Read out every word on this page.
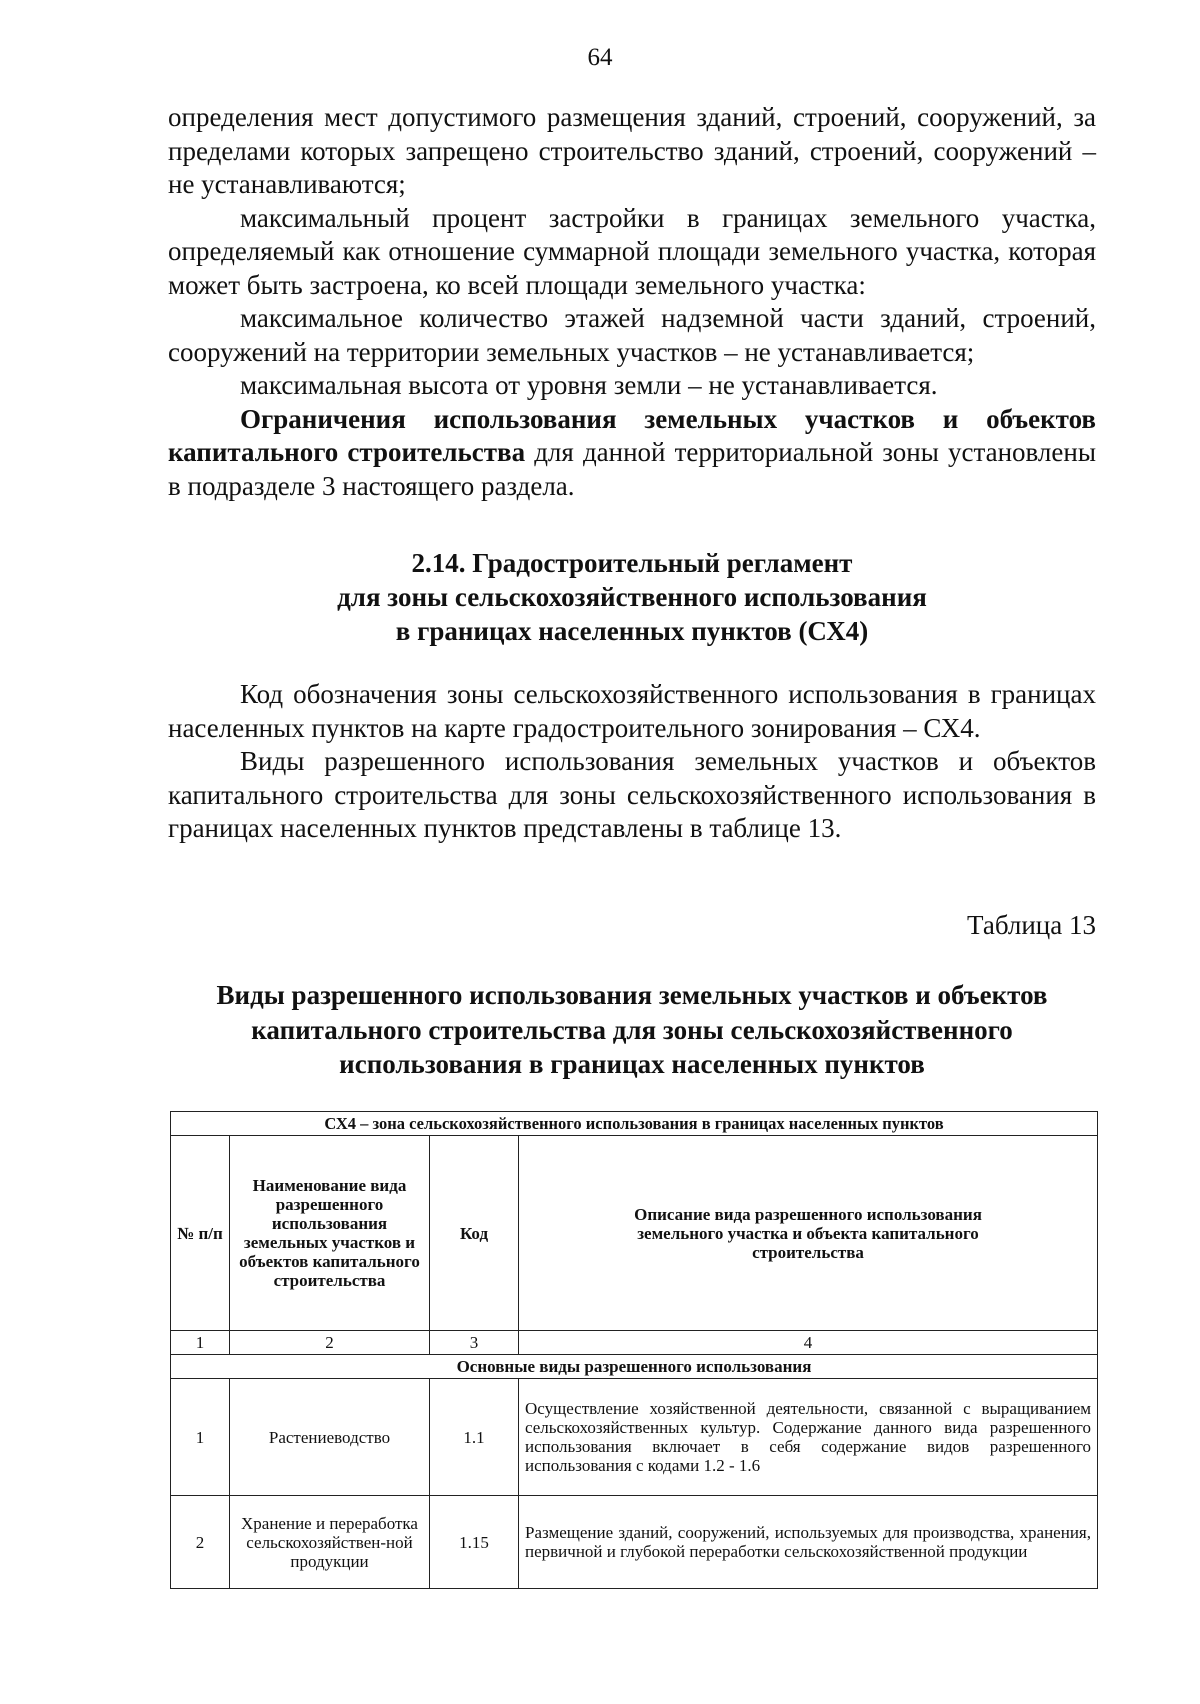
64

определения мест допустимого размещения зданий, строений, сооружений, за пределами которых запрещено строительство зданий, строений, сооружений – не устанавливаются;

максимальный процент застройки в границах земельного участка, определяемый как отношение суммарной площади земельного участка, которая может быть застроена, ко всей площади земельного участка:

максимальное количество этажей надземной части зданий, строений, сооружений на территории земельных участков – не устанавливается;

максимальная высота от уровня земли – не устанавливается.

Ограничения использования земельных участков и объектов капитального строительства для данной территориальной зоны установлены в подразделе 3 настоящего раздела.

2.14. Градостроительный регламент
для зоны сельскохозяйственного использования
в границах населенных пунктов (СХ4)

Код обозначения зоны сельскохозяйственного использования в границах населенных пунктов на карте градостроительного зонирования – СХ4.

Виды разрешенного использования земельных участков и объектов капитального строительства для зоны сельскохозяйственного использования в границах населенных пунктов представлены в таблице 13.

Таблица 13
Виды разрешенного использования земельных участков и объектов
капитального строительства для зоны сельскохозяйственного
использования в границах населенных пунктов
СХ4 – зона сельскохозяйственного использования в границах населенных пунктов			
№ п/п	Наименование вида разрешенного использования земельных участков и объектов капитального строительства	Код	Описание вида разрешенного использования земельного участка и объекта капитального строительства
1	2	3	4
Основные виды разрешенного использования			
1	Растениеводство	1.1	Осуществление хозяйственной деятельности, связанной с выращиванием сельскохозяйственных культур. Содержание данного вида разрешенного использования включает в себя содержание видов разрешенного использования с кодами 1.2 - 1.6
2	Хранение и переработка сельскохозяйствен-ной продукции	1.15	Размещение зданий, сооружений, используемых для производства, хранения, первичной и глубокой переработки сельскохозяйственной продукции
